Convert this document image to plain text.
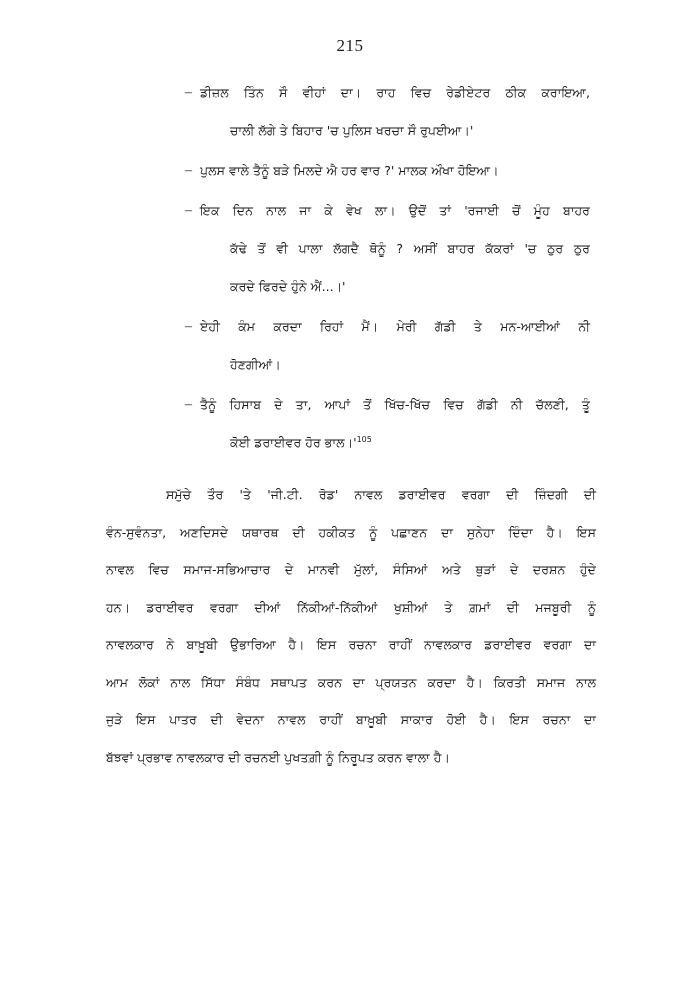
215
– ਡੀਜ਼ਲ ਤਿੰਨ ਸੌ ਵੀਹਾਂ ਦਾ। ਰਾਹ ਵਿਚ ਰੇਡੀਏਟਰ ਠੀਕ ਕਰਾਇਆ,
ਚਾਲੀ ਲੱਗੇ ਤੇ ਬਿਹਾਰ 'ਚ ਪੁਲਿਸ ਖਰਚਾ ਸੌ ਰੁਪਈਆ।'
– ਪੁਲਸ ਵਾਲੇ ਤੈਨੂੰ ਬੜੇ ਮਿਲਦੇ ਐ ਹਰ ਵਾਰ ?' ਮਾਲਕ ਔਖਾ ਹੋਇਆ।
– ਇਕ ਦਿਨ ਨਾਲ ਜਾ ਕੇ ਵੇਖ ਲਾ। ਉਦੋਂ ਤਾਂ 'ਰਜਾਈ ਚੋਂ ਮੂੰਹ ਬਾਹਰ
ਕੱਢੇ ਤੋਂ ਵੀ ਪਾਲਾ ਲੱਗਦੈ ਥੋਨੂੰ ? ਅਸੀਂ ਬਾਹਰ ਕੱਕਰਾਂ 'ਚ ਠੁਰ ਠੁਰ
ਕਰਦੇ ਫਿਰਦੇ ਹੁੰਨੇ ਐਂ...।'
– ਏਹੀ ਕੰਮ ਕਰਦਾ ਰਿਹਾਂ ਮੈਂ। ਮੇਰੀ ਗੱਡੀ ਤੇ ਮਨ-ਆਈਆਂ ਨੀ
ਹੋਣਗੀਆਂ।
– ਤੈਨੂੰ ਹਿਸਾਬ ਦੇ ਤਾ, ਆਪਾਂ ਤੋਂ ਖਿੱਚ-ਖਿੱਚ ਵਿਚ ਗੱਡੀ ਨੀ ਚੱਲਣੀ, ਤੂੰ
ਕੋਈ ਡਰਾਈਵਰ ਹੋਰ ਭਾਲ।'$^{105}$
ਸਮੁੱਚੇ ਤੌਰ 'ਤੇ 'ਜੀ.ਟੀ. ਰੋਡ' ਨਾਵਲ ਡਰਾਈਵਰ ਵਰਗਾ ਦੀ ਜ਼ਿੰਦਗੀ ਦੀ
ਵੰਨ-ਸੁਵੰਨਤਾ, ਅਣਦਿਸਦੇ ਯਥਾਰਥ ਦੀ ਹਕੀਕਤ ਨੂੰ ਪਛਾਣਨ ਦਾ ਸੁਨੇਹਾ ਦਿੰਦਾ ਹੈ। ਇਸ
ਨਾਵਲ ਵਿਚ ਸਮਾਜ-ਸਭਿਆਚਾਰ ਦੇ ਮਾਨਵੀ ਮੁੱਲਾਂ, ਸੰਸਿਆਂ ਅਤੇ ਥੁੜਾਂ ਦੇ ਦਰਸ਼ਨ ਹੁੰਦੇ
ਹਨ। ਡਰਾਈਵਰ ਵਰਗਾ ਦੀਆਂ ਨਿੱਕੀਆਂ-ਨਿੱਕੀਆਂ ਖੁਸ਼ੀਆਂ ਤੇ ਗ਼ਮਾਂ ਦੀ ਮਜਬੂਰੀ ਨੂੰ
ਨਾਵਲਕਾਰ ਨੇ ਬਾਖ਼ੂਬੀ ਉਭਾਰਿਆ ਹੈ। ਇਸ ਰਚਨਾ ਰਾਹੀਂ ਨਾਵਲਕਾਰ ਡਰਾਈਵਰ ਵਰਗਾ ਦਾ
ਆਮ ਲੋਕਾਂ ਨਾਲ ਸਿੱਧਾ ਸੰਬੰਧ ਸਥਾਪਤ ਕਰਨ ਦਾ ਪ੍ਰਯਤਨ ਕਰਦਾ ਹੈ। ਕਿਰਤੀ ਸਮਾਜ ਨਾਲ
ਜੁੜੇ ਇਸ ਪਾਤਰ ਦੀ ਵੇਦਨਾ ਨਾਵਲ ਰਾਹੀਂ ਬਾਖ਼ੂਬੀ ਸਾਕਾਰ ਹੋਈ ਹੈ। ਇਸ ਰਚਨਾ ਦਾ
ਬੱਝਵਾਂ ਪ੍ਰਭਾਵ ਨਾਵਲਕਾਰ ਦੀ ਰਚਨਈ ਪੁਖਤਗ਼ੀ ਨੂੰ ਨਿਰੂਪਤ ਕਰਨ ਵਾਲਾ ਹੈ।
